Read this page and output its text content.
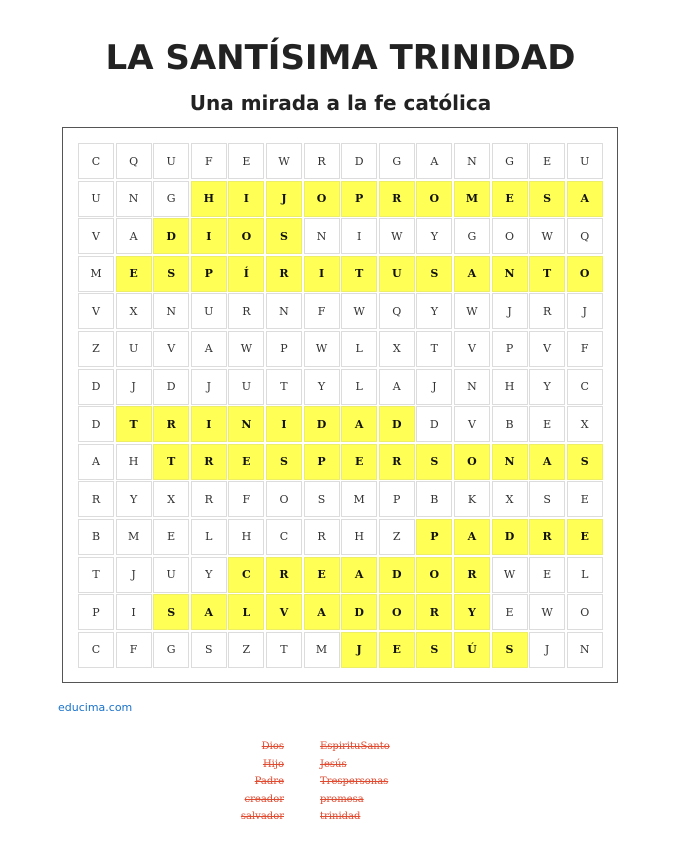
LA SANTÍSIMA TRINIDAD
Una mirada a la fe católica
C	Q	U	F	E	W	R	D	G	A	N	G	E	U
U	N	G	H	I	J	O	P	R	O	M	E	S	A
V	A	D	I	O	S	N	I	W	Y	G	O	W	Q
M	E	S	P	Í	R	I	T	U	S	A	N	T	O
V	X	N	U	R	N	F	W	Q	Y	W	J	R	J
Z	U	V	A	W	P	W	L	X	T	V	P	V	F
D	J	D	J	U	T	Y	L	A	J	N	H	Y	C
D	T	R	I	N	I	D	A	D	D	V	B	E	X
A	H	T	R	E	S	P	E	R	S	O	N	A	S
R	Y	X	R	F	O	S	M	P	B	K	X	S	E
B	M	E	L	H	C	R	H	Z	P	A	D	R	E
T	J	U	Y	C	R	E	A	D	O	R	W	E	L
P	I	S	A	L	V	A	D	O	R	Y	E	W	O
C	F	G	S	Z	T	M	J	E	S	Ú	S	J	N
educima.com
Dios	EspirituSanto
Hijo	Jesús
Padre	Trespersonas
creador	promesa
salvador	trinidad
